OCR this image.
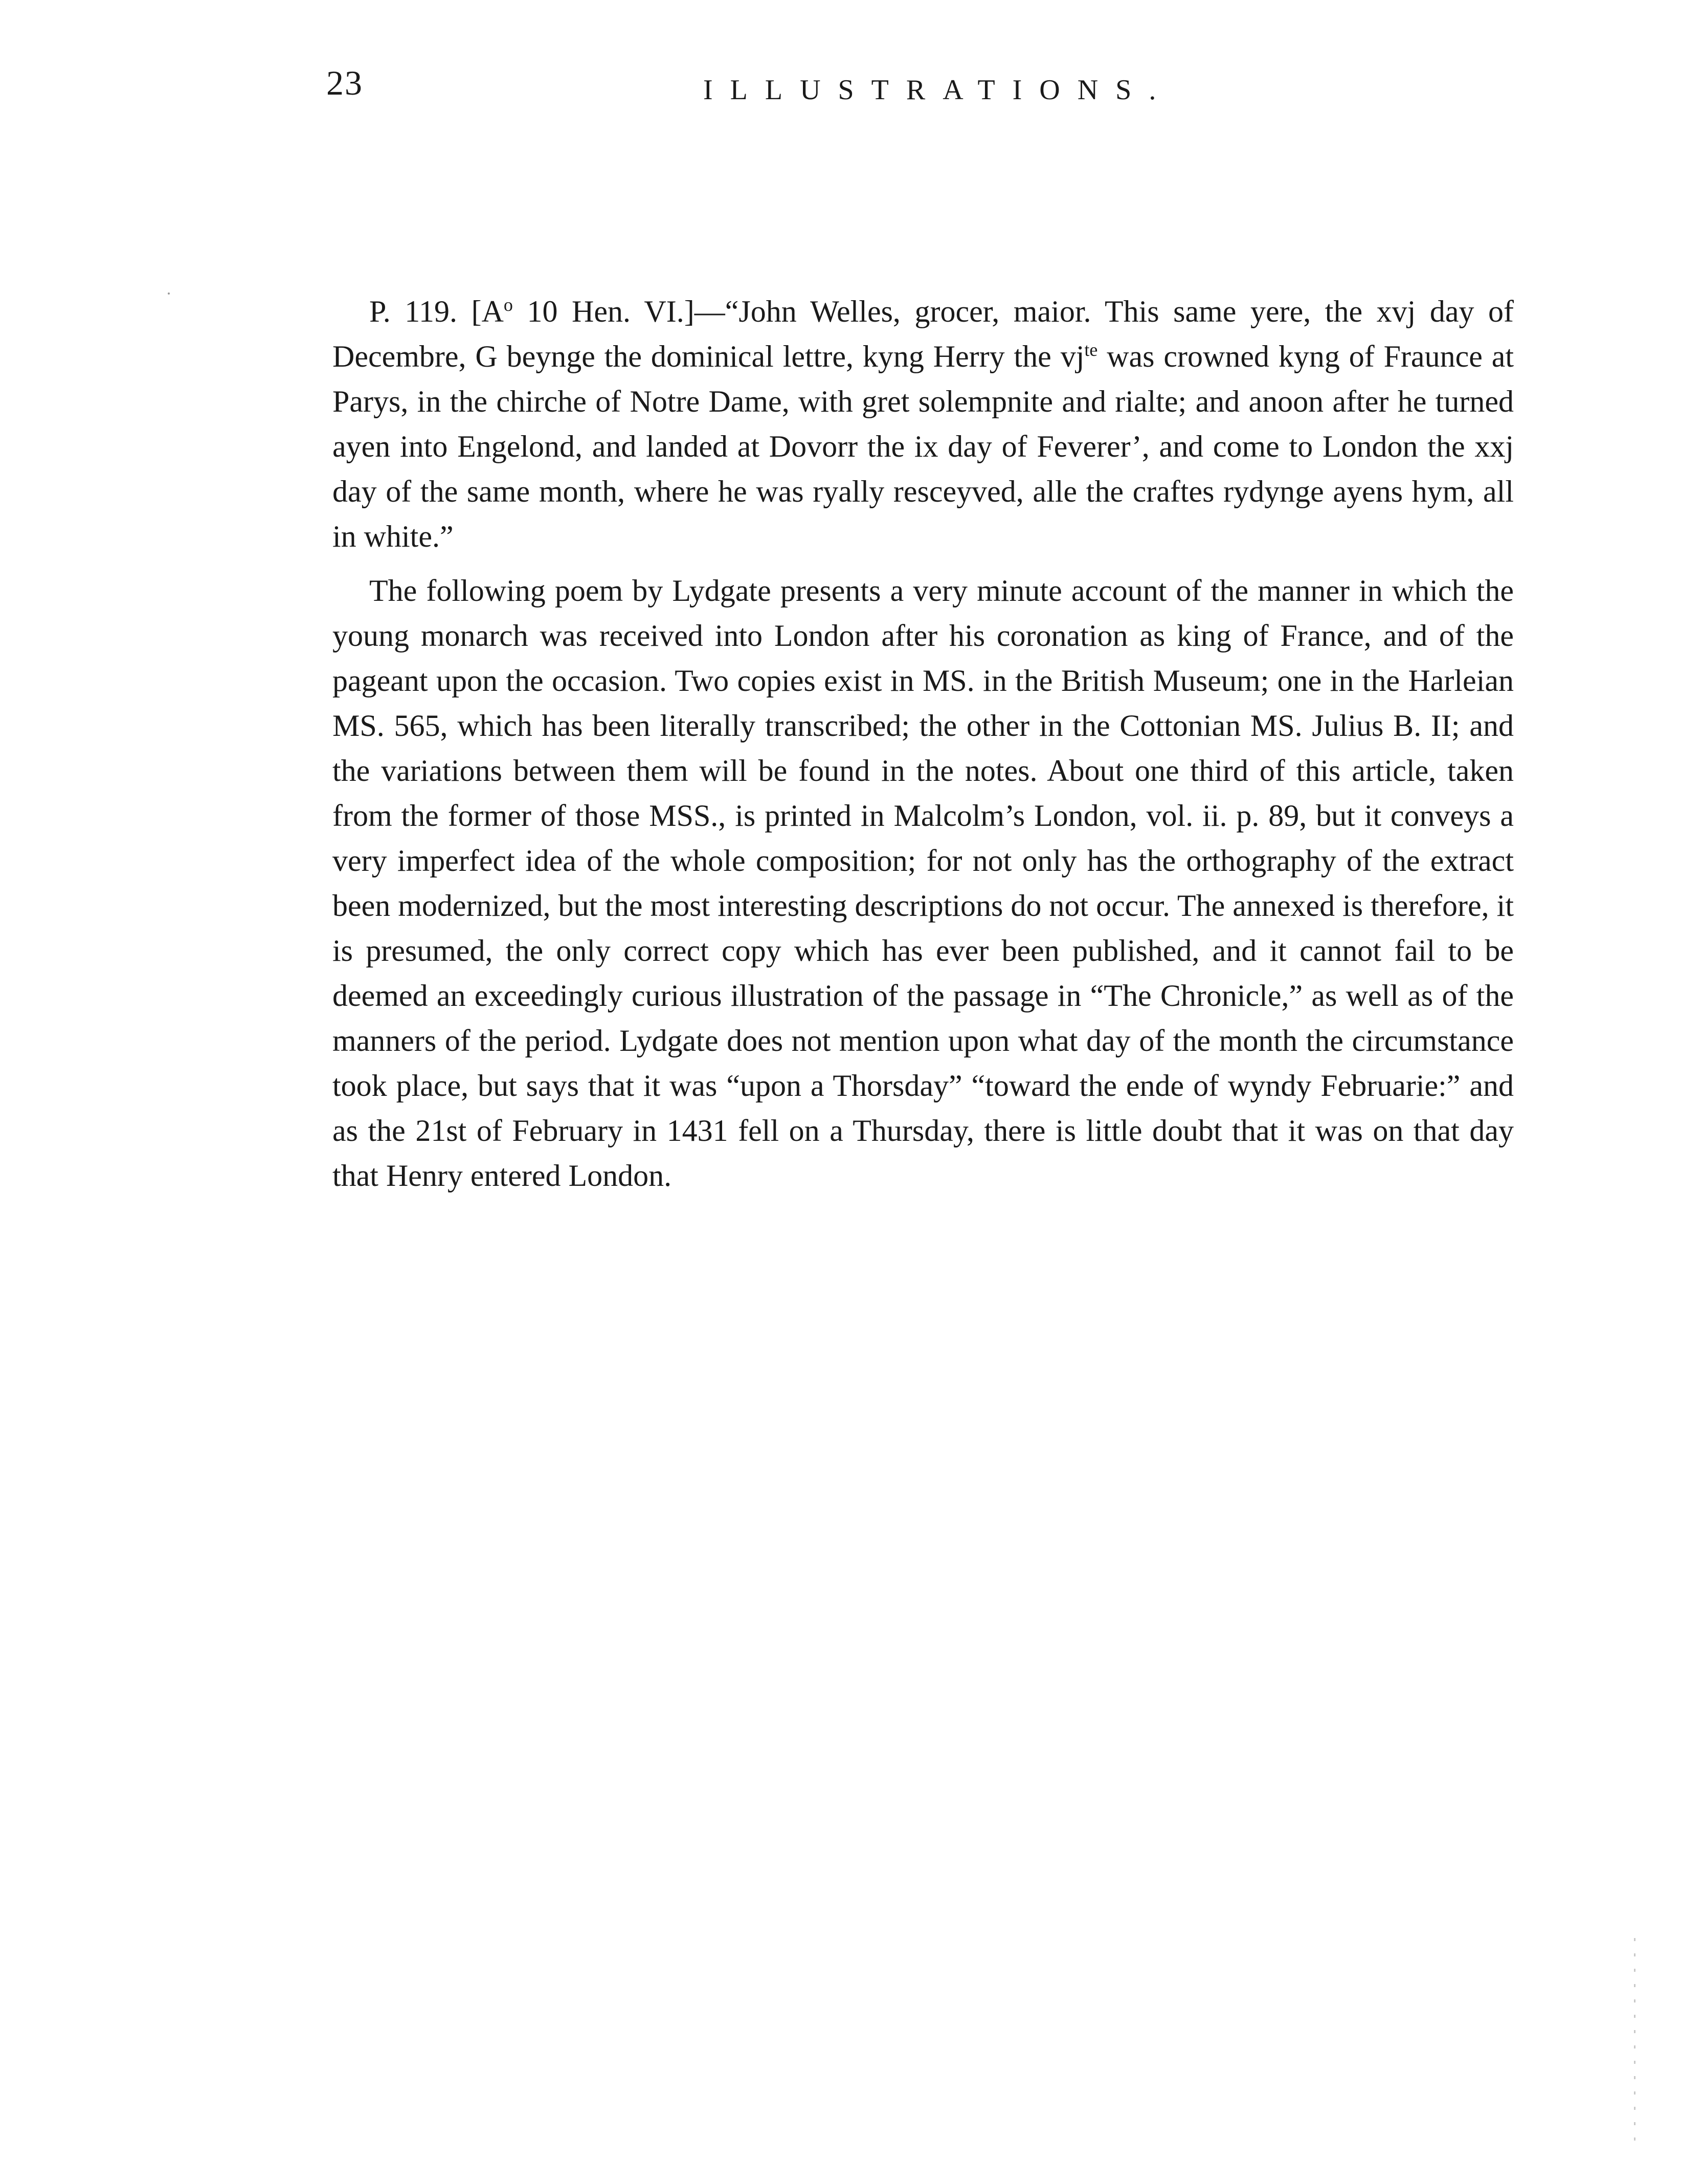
23	ILLUSTRATIONS.

P. 119. [$A^o$ 10 Hen. VI.]—“John Welles, grocer, maior. This same yere, the xvj day of Decembre, G beynge the dominical lettre, kyng Herry the $vj^{te}$ was crowned kyng of Fraunce at Parys, in the chirche of Notre Dame, with gret solempnite and rialte; and anoon after he turned ayen into Engelond, and landed at Dovorr the ix day of Feverer’, and come to London the xxj day of the same month, where he was ryally resceyved, alle the craftes rydynge ayens hym, all in white.”

The following poem by Lydgate presents a very minute account of the manner in which the young monarch was received into London after his coronation as king of France, and of the pageant upon the occasion. Two copies exist in MS. in the British Museum; one in the Harleian MS. 565, which has been literally transcribed; the other in the Cottonian MS. Julius B. II; and the variations between them will be found in the notes. About one third of this article, taken from the former of those MSS., is printed in Malcolm’s London, vol. ii. p. 89, but it conveys a very imperfect idea of the whole composition; for not only has the orthography of the extract been modernized, but the most interesting descriptions do not occur. The annexed is therefore, it is presumed, the only correct copy which has ever been published, and it cannot fail to be deemed an exceedingly curious illustration of the passage in “The Chronicle,” as well as of the manners of the period. Lydgate does not mention upon what day of the month the circumstance took place, but says that it was “upon a Thorsday” “toward the ende of wyndy Februarie:” and as the 21st of February in 1431 fell on a Thursday, there is little doubt that it was on that day that Henry entered London.
